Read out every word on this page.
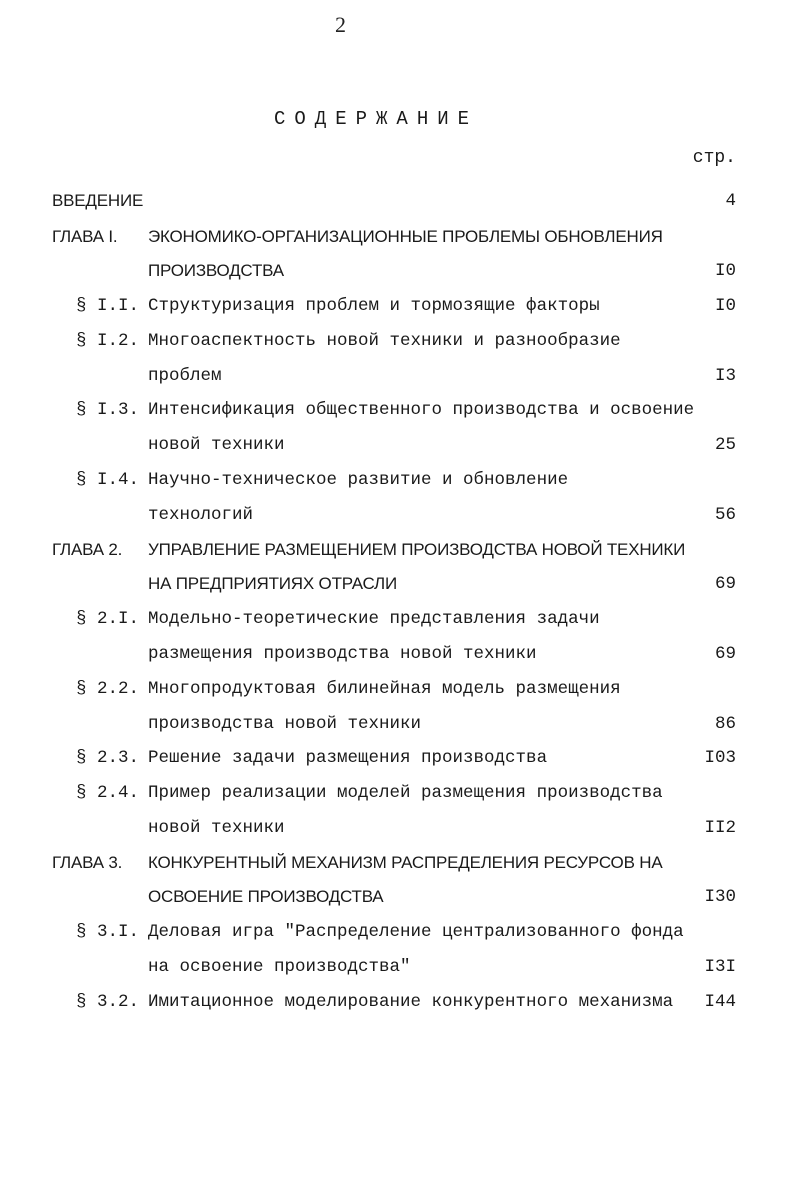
2
СОДЕРЖАНИЕ
стр.
ВВЕДЕНИЕ	4
ГЛАВА I. ЭКОНОМИКО-ОРГАНИЗАЦИОННЫЕ ПРОБЛЕМЫ ОБНОВЛЕНИЯ
ПРОИЗВОДСТВА	I0
§ I.I. Структуризация проблем и тормозящие факторы	I0
§ I.2. Многоаспектность новой техники и разнообразие
проблем	I3
§ I.3. Интенсификация общественного производства и освоение
новой техники	25
§ I.4. Научно-техническое развитие и обновление
технологий	56
ГЛАВА 2. УПРАВЛЕНИЕ РАЗМЕЩЕНИЕМ ПРОИЗВОДСТВА НОВОЙ ТЕХНИКИ
НА ПРЕДПРИЯТИЯХ ОТРАСЛИ	69
§ 2.I. Модельно-теоретические представления задачи
размещения производства новой техники	69
§ 2.2. Многопродуктовая билинейная модель размещения
производства новой техники	86
§ 2.3. Решение задачи размещения производства	I03
§ 2.4. Пример реализации моделей размещения производства
новой техники	II2
ГЛАВА 3. КОНКУРЕНТНЫЙ МЕХАНИЗМ РАСПРЕДЕЛЕНИЯ РЕСУРСОВ НА
ОСВОЕНИЕ ПРОИЗВОДСТВА	I30
§ 3.I. Деловая игра "Распределение централизованного фонда
на освоение производства"	I3I
§ 3.2. Имитационное моделирование конкурентного механизма	I44
